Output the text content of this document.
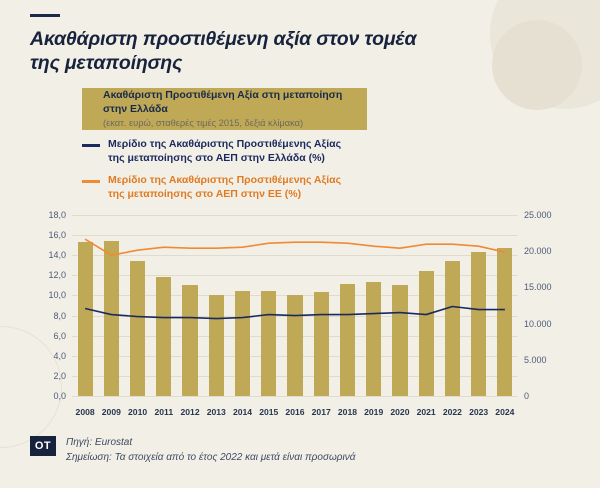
Ακαθάριστη προστιθέμενη αξία στον τομέα της μεταποίησης
Ακαθάριστη Προστιθέμενη Αξία στη μεταποίηση στην Ελλάδα
(εκατ. ευρώ, σταθερές τιμές 2015, δεξιά κλίμακα)
Μερίδιο της Ακαθάριστης Προστιθέμενης Αξίας
της μεταποίησης στο ΑΕΠ στην Ελλάδα (%)
Μερίδιο της Ακαθάριστης Προστιθέμενης Αξίας
της μεταποίησης στο ΑΕΠ στην ΕΕ (%)
0,0
2,0
4,0
6,0
8,0
10,0
12,0
14,0
16,0
18,0
0
5.000
10.000
15.000
20.000
25.000
2008 2009 2010 2011 2012 2013 2014 2015 2016 2017 2018 2019 2020 2021 2022 2023 2024
OT	Πηγή: Eurostat
Σημείωση: Τα στοιχεία από το έτος 2022 και μετά είναι προσωρινά
